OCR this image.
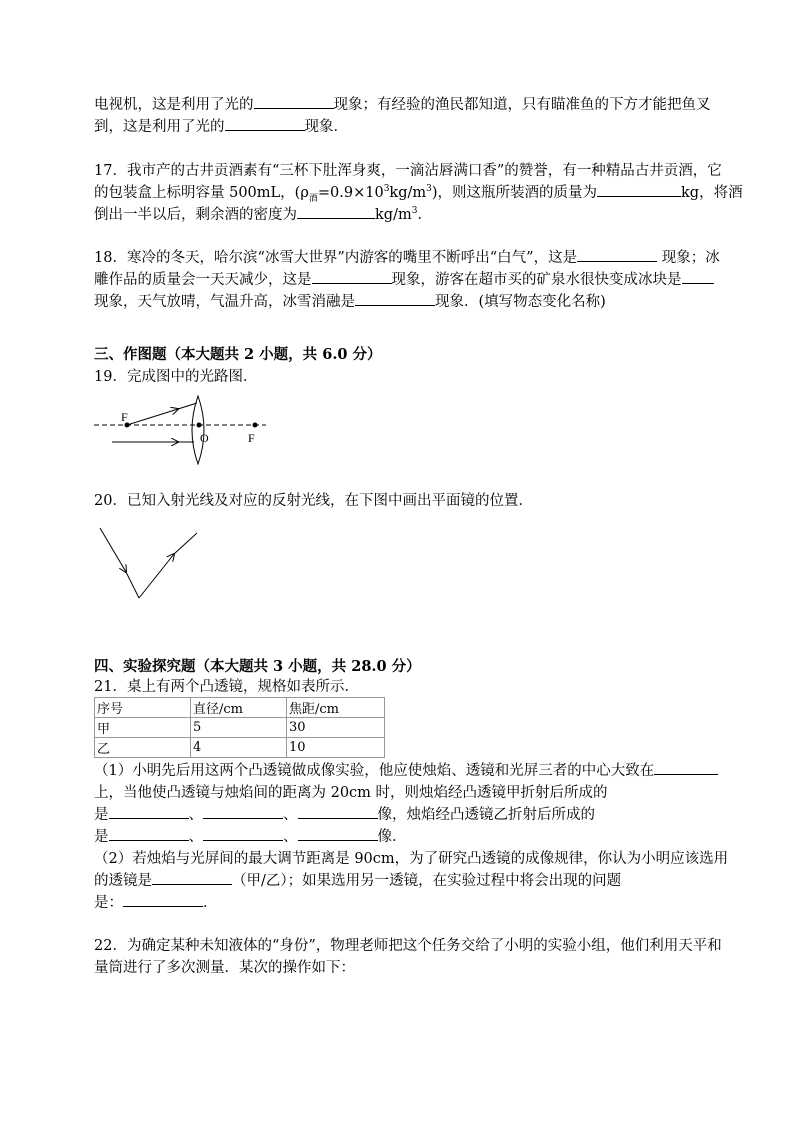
电视机，这是利用了光的	现象；有经验的渔民都知道，只有瞄准鱼的下方才能把鱼叉
到，这是利用了光的	现象．
17．我市产的古井贡酒素有“三杯下肚浑身爽，一滴沾唇满口香”的赞誉，有一种精品古井贡酒，它
的包装盒上标明容量 500mL，$(\rho_酒=0.9\times 10^3kg/m^3)$，则这瓶所装酒的质量为	kg，将酒
倒出一半以后，剩余酒的密度为	$kg/m^3$．
18．寒冷的冬天，哈尔滨“冰雪大世界”内游客的嘴里不断呼出“白气”，这是	现象；冰
雕作品的质量会一天天减少，这是	现象，游客在超市买的矿泉水很快变成冰块是
现象，天气放晴，气温升高，冰雪消融是	现象．(填写物态变化名称)
三、作图题（本大题共 2 小题，共 6.0 分）
19．完成图中的光路图．
F
O	F
20．已知入射光线及对应的反射光线，在下图中画出平面镜的位置．
四、实验探究题（本大题共 3 小题，共 28.0 分）
21．桌上有两个凸透镜，规格如表所示．
序号	直径/cm	焦距/cm
甲	5	30
乙	4	10
（1）小明先后用这两个凸透镜做成像实验，他应使烛焰、透镜和光屏三者的中心大致在
上，当他使凸透镜与烛焰间的距离为 20cm 时，则烛焰经凸透镜甲折射后所成的
是	、	、	像，烛焰经凸透镜乙折射后所成的
是	、	、	像．
（2）若烛焰与光屏间的最大调节距离是 90cm，为了研究凸透镜的成像规律，你认为小明应该选用
的透镜是	（甲/乙）；如果选用另一透镜，在实验过程中将会出现的问题
是：	．
22．为确定某种未知液体的“身份”，物理老师把这个任务交给了小明的实验小组，他们利用天平和
量筒进行了多次测量．某次的操作如下：
